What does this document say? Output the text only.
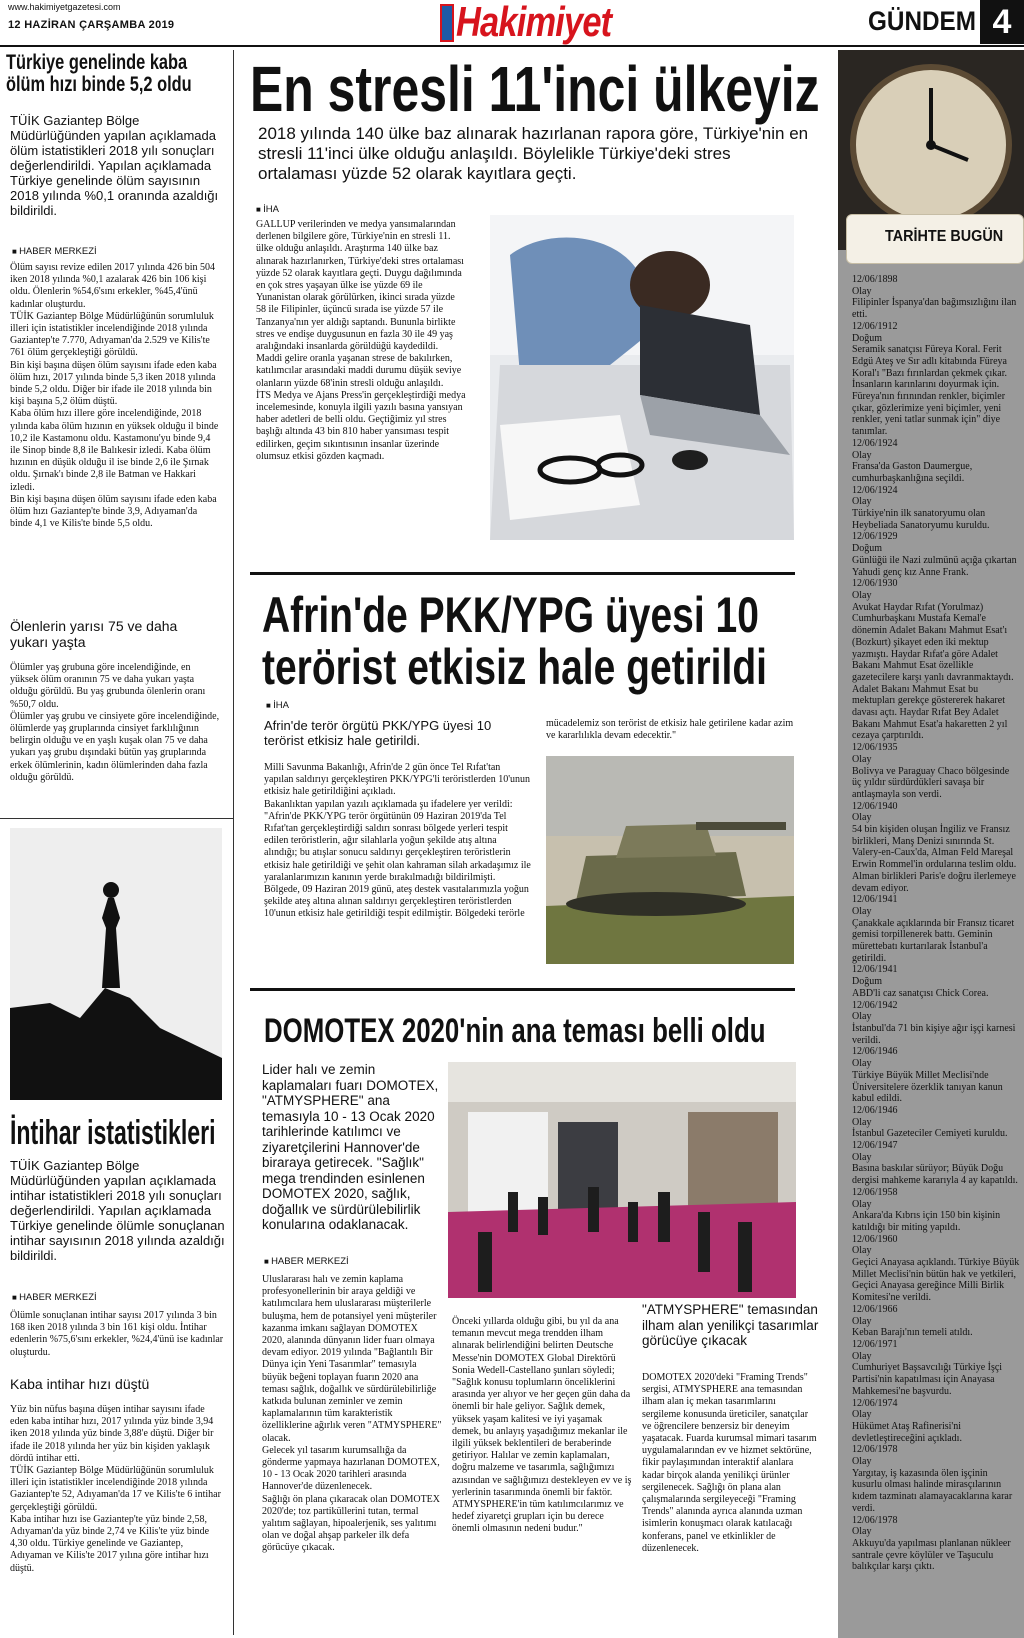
www.hakimiyetgazetesi.com
12 HAZİRAN ÇARŞAMBA 2019	Hakimiyet	GÜNDEM 4
Türkiye genelinde kaba ölüm hızı binde 5,2 oldu

TÜİK Gaziantep Bölge Müdürlüğünden yapılan açıklamada ölüm istatistikleri 2018 yılı sonuçları değerlendirildi. Yapılan açıklamada Türkiye genelinde ölüm sayısının 2018 yılında %0,1 oranında azaldığı bildirildi.

■ HABER MERKEZİ

Ölüm sayısı revize edilen 2017 yılında 426 bin 504 iken 2018 yılında %0,1 azalarak 426 bin 106 kişi oldu. Ölenlerin %54,6'sını erkekler, %45,4'ünü kadınlar oluşturdu.
TÜİK Gaziantep Bölge Müdürlüğünün sorumluluk illeri için istatistikler incelendiğinde 2018 yılında Gaziantep'te 7.770, Adıyaman'da 2.529 ve Kilis'te 761 ölüm gerçekleştiği görüldü.
Bin kişi başına düşen ölüm sayısını ifade eden kaba ölüm hızı, 2017 yılında binde 5,3 iken 2018 yılında binde 5,2 oldu. Diğer bir ifade ile 2018 yılında bin kişi başına 5,2 ölüm düştü.
Kaba ölüm hızı illere göre incelendiğinde, 2018 yılında kaba ölüm hızının en yüksek olduğu il binde 10,2 ile Kastamonu oldu. Kastamonu'yu binde 9,4 ile Sinop binde 8,8 ile Balıkesir izledi. Kaba ölüm hızının en düşük olduğu il ise binde 2,6 ile Şırnak oldu. Şırnak'ı binde 2,8 ile Batman ve Hakkari izledi.
Bin kişi başına düşen ölüm sayısını ifade eden kaba ölüm hızı Gaziantep'te binde 3,9, Adıyaman'da binde 4,1 ve Kilis'te binde 5,5 oldu.

Ölenlerin yarısı 75 ve daha yukarı yaşta

Ölümler yaş grubuna göre incelendiğinde, en yüksek ölüm oranının 75 ve daha yukarı yaşta olduğu görüldü. Bu yaş grubunda ölenlerin oranı %50,7 oldu.
Ölümler yaş grubu ve cinsiyete göre incelendiğinde, ölümlerde yaş gruplarında cinsiyet farklılığının belirgin olduğu ve en yaşlı kuşak olan 75 ve daha yukarı yaş grubu dışındaki bütün yaş gruplarında erkek ölümlerinin, kadın ölümlerinden daha fazla olduğu görüldü.

İntihar istatistikleri

TÜİK Gaziantep Bölge Müdürlüğünden yapılan açıklamada intihar istatistikleri 2018 yılı sonuçları değerlendirildi. Yapılan açıklamada Türkiye genelinde ölümle sonuçlanan intihar sayısının 2018 yılında azaldığı bildirildi.

■ HABER MERKEZİ

Ölümle sonuçlanan intihar sayısı 2017 yılında 3 bin 168 iken 2018 yılında 3 bin 161 kişi oldu. İntihar edenlerin %75,6'sını erkekler, %24,4'ünü ise kadınlar oluşturdu.

Kaba intihar hızı düştü

Yüz bin nüfus başına düşen intihar sayısını ifade eden kaba intihar hızı, 2017 yılında yüz binde 3,94 iken 2018 yılında yüz binde 3,88'e düştü. Diğer bir ifade ile 2018 yılında her yüz bin kişiden yaklaşık dördü intihar etti.
TÜİK Gaziantep Bölge Müdürlüğünün sorumluluk illeri için istatistikler incelendiğinde 2018 yılında Gaziantep'te 52, Adıyaman'da 17 ve Kilis'te 6 intihar gerçekleştiği görüldü.
Kaba intihar hızı ise Gaziantep'te yüz binde 2,58, Adıyaman'da yüz binde 2,74 ve Kilis'te yüz binde 4,30 oldu. Türkiye genelinde ve Gaziantep, Adıyaman ve Kilis'te 2017 yılına göre intihar hızı düştü.

En stresli 11'inci ülkeyiz

2018 yılında 140 ülke baz alınarak hazırlanan rapora göre, Türkiye'nin en stresli 11'inci ülke olduğu anlaşıldı. Böylelikle Türkiye'deki stres ortalaması yüzde 52 olarak kayıtlara geçti.

■ İHA

GALLUP verilerinden ve medya yansımalarından derlenen bilgilere göre, Türkiye'nin en stresli 11. ülke olduğu anlaşıldı. Araştırma 140 ülke baz alınarak hazırlanırken, Türkiye'deki stres ortalaması yüzde 52 olarak kayıtlara geçti. Duygu dağılımında en çok stres yaşayan ülke ise yüzde 69 ile Yunanistan olarak görülürken, ikinci sırada yüzde 58 ile Filipinler, üçüncü sırada ise yüzde 57 ile Tanzanya'nın yer aldığı saptandı. Bununla birlikte stres ve endişe duygusunun en fazla 30 ile 49 yaş aralığındaki insanlarda görüldüğü kaydedildi. Maddi gelire oranla yaşanan strese de bakılırken, katılımcılar arasındaki maddi durumu düşük seviye olanların yüzde 68'inin stresli olduğu anlaşıldı.
İTS Medya ve Ajans Press'in gerçekleştirdiği medya incelemesinde, konuyla ilgili yazılı basına yansıyan haber adetleri de belli oldu. Geçtiğimiz yıl stres başlığı altında 43 bin 810 haber yansıması tespit edilirken, geçim sıkıntısının insanlar üzerinde olumsuz etkisi gözden kaçmadı.

Afrin'de PKK/YPG üyesi 10
terörist etkisiz hale getirildi

■ İHA

Afrin'de terör örgütü PKK/YPG üyesi 10 terörist etkisiz hale getirildi.

Milli Savunma Bakanlığı, Afrin'de 2 gün önce Tel Rıfat'tan yapılan saldırıyı gerçekleştiren PKK/YPG'li teröristlerden 10'unun etkisiz hale getirildiğini açıkladı.
Bakanlıktan yapılan yazılı açıklamada şu ifadelere yer verildi:
"Afrin'de PKK/YPG terör örgütünün 09 Haziran 2019'da Tel Rıfat'tan gerçekleştirdiği saldırı sonrası bölgede yerleri tespit edilen teröristlerin, ağır silahlarla yoğun şekilde atış altına alındığı; bu atışlar sonucu saldırıyı gerçekleştiren teröristlerin etkisiz hale getirildiği ve şehit olan kahraman silah arkadaşımız ile yaralanlarımızın kanının yerde bırakılmadığı bildirilmişti. Bölgede, 09 Haziran 2019 günü, ateş destek vasıtalarımızla yoğun şekilde ateş altına alınan saldırıyı gerçekleştiren teröristlerden 10'unun etkisiz hale getirildiği tespit edilmiştir. Bölgedeki terörle

mücadelemiz son terörist de etkisiz hale getirilene kadar azim ve kararlılıkla devam edecektir."

DOMOTEX 2020'nin ana teması belli oldu

Lider halı ve zemin kaplamaları fuarı DOMOTEX, "ATMYSPHERE" ana temasıyla 10 - 13 Ocak 2020 tarihlerinde katılımcı ve ziyaretçilerini Hannover'de biraraya getirecek. "Sağlık" mega trendinden esinlenen DOMOTEX 2020, sağlık, doğallık ve sürdürülebilirlik konularına odaklanacak.

■ HABER MERKEZİ

Uluslararası halı ve zemin kaplama profesyonellerinin bir araya geldiği ve katılımcılara hem uluslararası müşterilerle buluşma, hem de potansiyel yeni müşteriler kazanma imkanı sağlayan DOMOTEX 2020, alanında dünyanın lider fuarı olmaya devam ediyor. 2019 yılında "Bağlantılı Bir Dünya için Yeni Tasarımlar" temasıyla büyük beğeni toplayan fuarın 2020 ana teması sağlık, doğallık ve sürdürülebilirliğe katkıda bulunan zeminler ve zemin kaplamalarının tüm karakteristik özelliklerine ağırlık veren "ATMYSPHERE" olacak.
Gelecek yıl tasarım kurumsallığa da gönderme yapmaya hazırlanan DOMOTEX, 10 - 13 Ocak 2020 tarihleri arasında Hannover'de düzenlenecek.
Sağlığı ön plana çıkaracak olan DOMOTEX 2020'de; toz partiküllerini tutan, termal yalıtım sağlayan, hipoalerjenik, ses yalıtımı olan ve doğal ahşap parkeler ilk defa görücüye çıkacak.

Önceki yıllarda olduğu gibi, bu yıl da ana temanın mevcut mega trendden ilham alınarak belirlendiğini belirten Deutsche Messe'nin DOMOTEX Global Direktörü Sonia Wedell-Castellano şunları söyledi;
"Sağlık konusu toplumların önceliklerini arasında yer alıyor ve her geçen gün daha da önemli bir hale geliyor. Sağlık demek, yüksek yaşam kalitesi ve iyi yaşamak demek, bu anlayış yaşadığımız mekanlar ile ilgili yüksek beklentileri de beraberinde getiriyor. Halılar ve zemin kaplamaları, doğru malzeme ve tasarımla, sağlığımızı azısından ve sağlığımızı destekleyen ev ve iş yerlerinin tasarımında önemli bir faktör. ATMYSPHERE'in tüm katılımcılarımız ve hedef ziyaretçi grupları için bu derece önemli olmasının nedeni budur."

"ATMYSPHERE" temasından ilham alan yenilikçi tasarımlar görücüye çıkacak

DOMOTEX 2020'deki "Framing Trends" sergisi, ATMYSPHERE ana temasından ilham alan iç mekan tasarımlarını sergileme konusunda üreticiler, sanatçılar ve öğrencilere benzersiz bir deneyim yaşatacak. Fuarda kurumsal mimari tasarım uygulamalarından ev ve hizmet sektörüne, fikir paylaşımından interaktif alanlara kadar birçok alanda yenilikçi ürünler sergilenecek. Sağlığı ön plana alan çalışmalarında sergileyeceği "Framing Trends" alanında ayrıca alanında uzman isimlerin konuşmacı olarak katılacağı konferans, panel ve etkinlikler de düzenlenecek.

TARİHTE BUGÜN
12/06/1898
Olay
Filipinler İspanya'dan bağımsızlığını ilan etti.
12/06/1912
Doğum
Seramik sanatçısı Füreya Koral. Ferit Edgü Ateş ve Sır adlı kitabında Füreya Koral'ı "Bazı fırınlardan çekmek çıkar. İnsanların karınlarını doyurmak için. Füreya'nın fırınından renkler, biçimler çıkar, gözlerimize yeni biçimler, yeni renkler, yeni tatlar sunmak için" diye tanımlar.
12/06/1924
Olay
Fransa'da Gaston Daumergue, cumhurbaşkanlığına seçildi.
12/06/1924
Olay
Türkiye'nin ilk sanatoryumu olan Heybeliada Sanatoryumu kuruldu.
12/06/1929
Doğum
Günlüğü ile Nazi zulmünü açığa çıkartan Yahudi genç kız Anne Frank.
12/06/1930
Olay
Avukat Haydar Rıfat (Yorulmaz) Cumhurbaşkanı Mustafa Kemal'e dönemin Adalet Bakanı Mahmut Esat'ı (Bozkurt) şikayet eden iki mektup yazmıştı. Haydar Rıfat'a göre Adalet Bakanı Mahmut Esat özellikle gazetecilere karşı yanlı davranmaktaydı. Adalet Bakanı Mahmut Esat bu mektupları gerekçe göstererek hakaret davası açtı. Haydar Rıfat Bey Adalet Bakanı Mahmut Esat'a hakaretten 2 yıl cezaya çarptırıldı.
12/06/1935
Olay
Bolivya ve Paraguay Chaco bölgesinde üç yıldır sürdürdükleri savaşa bir antlaşmayla son verdi.
12/06/1940
Olay
54 bin kişiden oluşan İngiliz ve Fransız birlikleri, Manş Denizi sınırında St. Valery-en-Caux'da, Alman Feld Mareşal Erwin Rommel'in ordularına teslim oldu. Alman birlikleri Paris'e doğru ilerlemeye devam ediyor.
12/06/1941
Olay
Çanakkale açıklarında bir Fransız ticaret gemisi torpillenerek battı. Geminin mürettebatı kurtarılarak İstanbul'a getirildi.
12/06/1941
Doğum
ABD'li caz sanatçısı Chick Corea.
12/06/1942
Olay
İstanbul'da 71 bin kişiye ağır işçi karnesi verildi.
12/06/1946
Olay
Türkiye Büyük Millet Meclisi'nde Üniversitelere özerklik tanıyan kanun kabul edildi.
12/06/1946
Olay
İstanbul Gazeteciler Cemiyeti kuruldu.
12/06/1947
Olay
Basına baskılar sürüyor; Büyük Doğu dergisi mahkeme kararıyla 4 ay kapatıldı.
12/06/1958
Olay
Ankara'da Kıbrıs için 150 bin kişinin katıldığı bir miting yapıldı.
12/06/1960
Olay
Geçici Anayasa açıklandı. Türkiye Büyük Millet Meclisi'nin bütün hak ve yetkileri, Geçici Anayasa gereğince Milli Birlik Komitesi'ne verildi.
12/06/1966
Olay
Keban Barajı'nın temeli atıldı.
12/06/1971
Olay
Cumhuriyet Başsavcılığı Türkiye İşçi Partisi'nin kapatılması için Anayasa Mahkemesi'ne başvurdu.
12/06/1974
Olay
Hükümet Ataş Rafinerisi'ni devletleştireceğini açıkladı.
12/06/1978
Olay
Yargıtay, iş kazasında ölen işçinin kusurlu olması halinde mirasçılarının kıdem tazminatı alamayacaklarına karar verdi.
12/06/1978
Olay
Akkuyu'da yapılması planlanan nükleer santrale çevre köylüler ve Taşuculu balıkçılar karşı çıktı.
